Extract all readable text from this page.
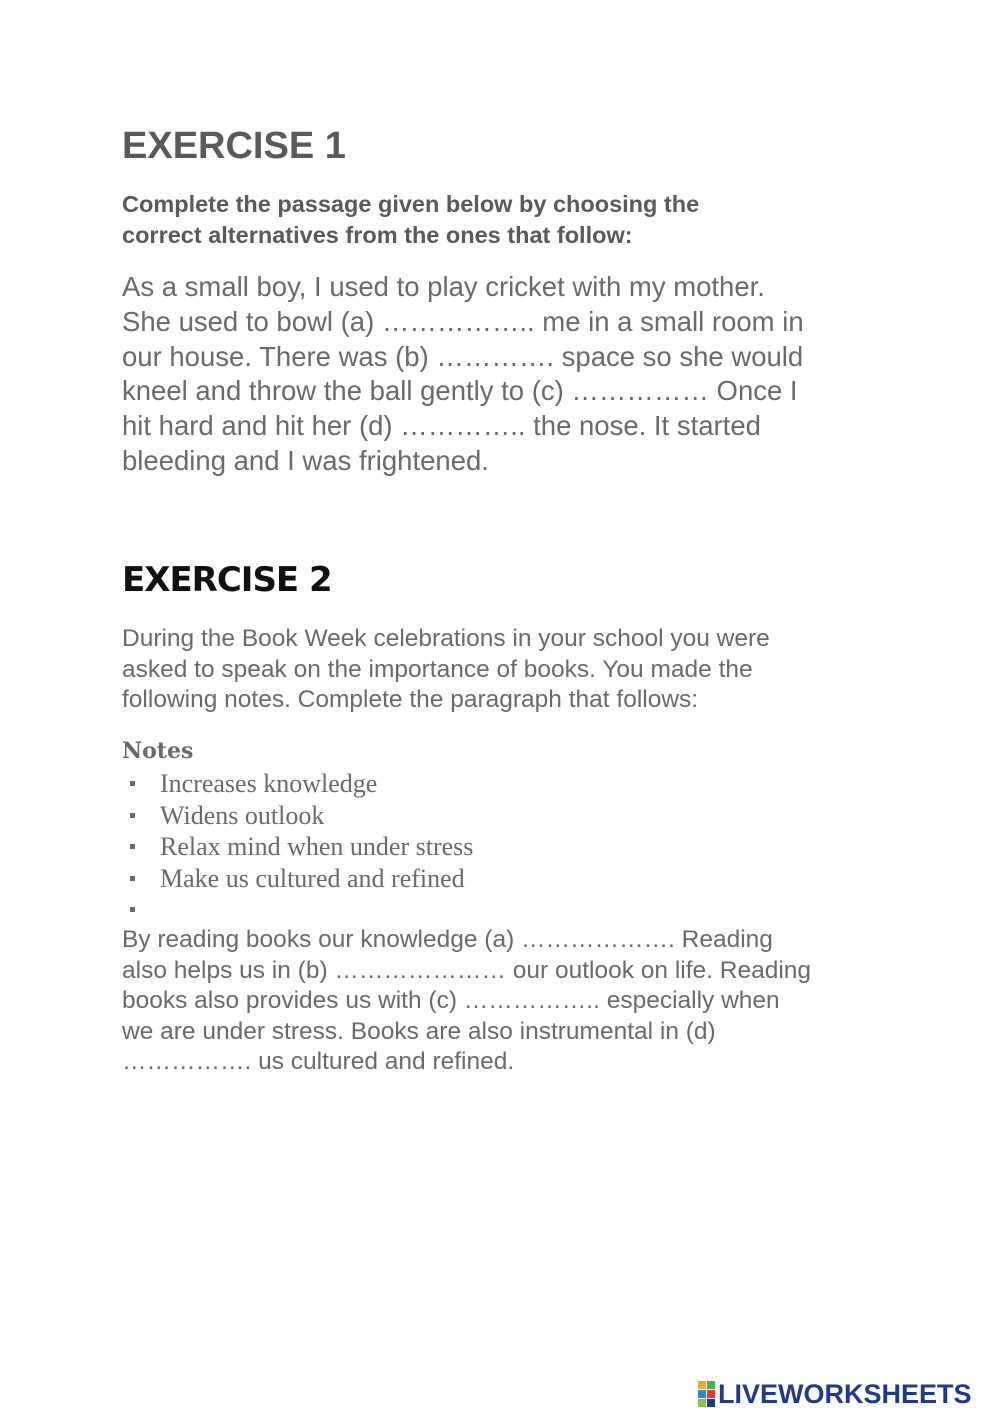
EXERCISE 1
Complete the passage given below by choosing the
correct alternatives from the ones that follow:
As a small boy, I used to play cricket with my mother.
She used to bowl (a) …………….. me in a small room in
our house. There was (b) …………. space so she would
kneel and throw the ball gently to (c) …………… Once I
hit hard and hit her (d) ………….. the nose. It started
bleeding and I was frightened.
EXERCISE 2
During the Book Week celebrations in your school you were
asked to speak on the importance of books. You made the
following notes. Complete the paragraph that follows:
Notes
Increases knowledge
Widens outlook
Relax mind when under stress
Make us cultured and refined
By reading books our knowledge (a) ………………. Reading
also helps us in (b) ………………… our outlook on life. Reading
books also provides us with (c) …………….. especially when
we are under stress. Books are also instrumental in (d)
……………. us cultured and refined.
LIVEWORKSHEETS
